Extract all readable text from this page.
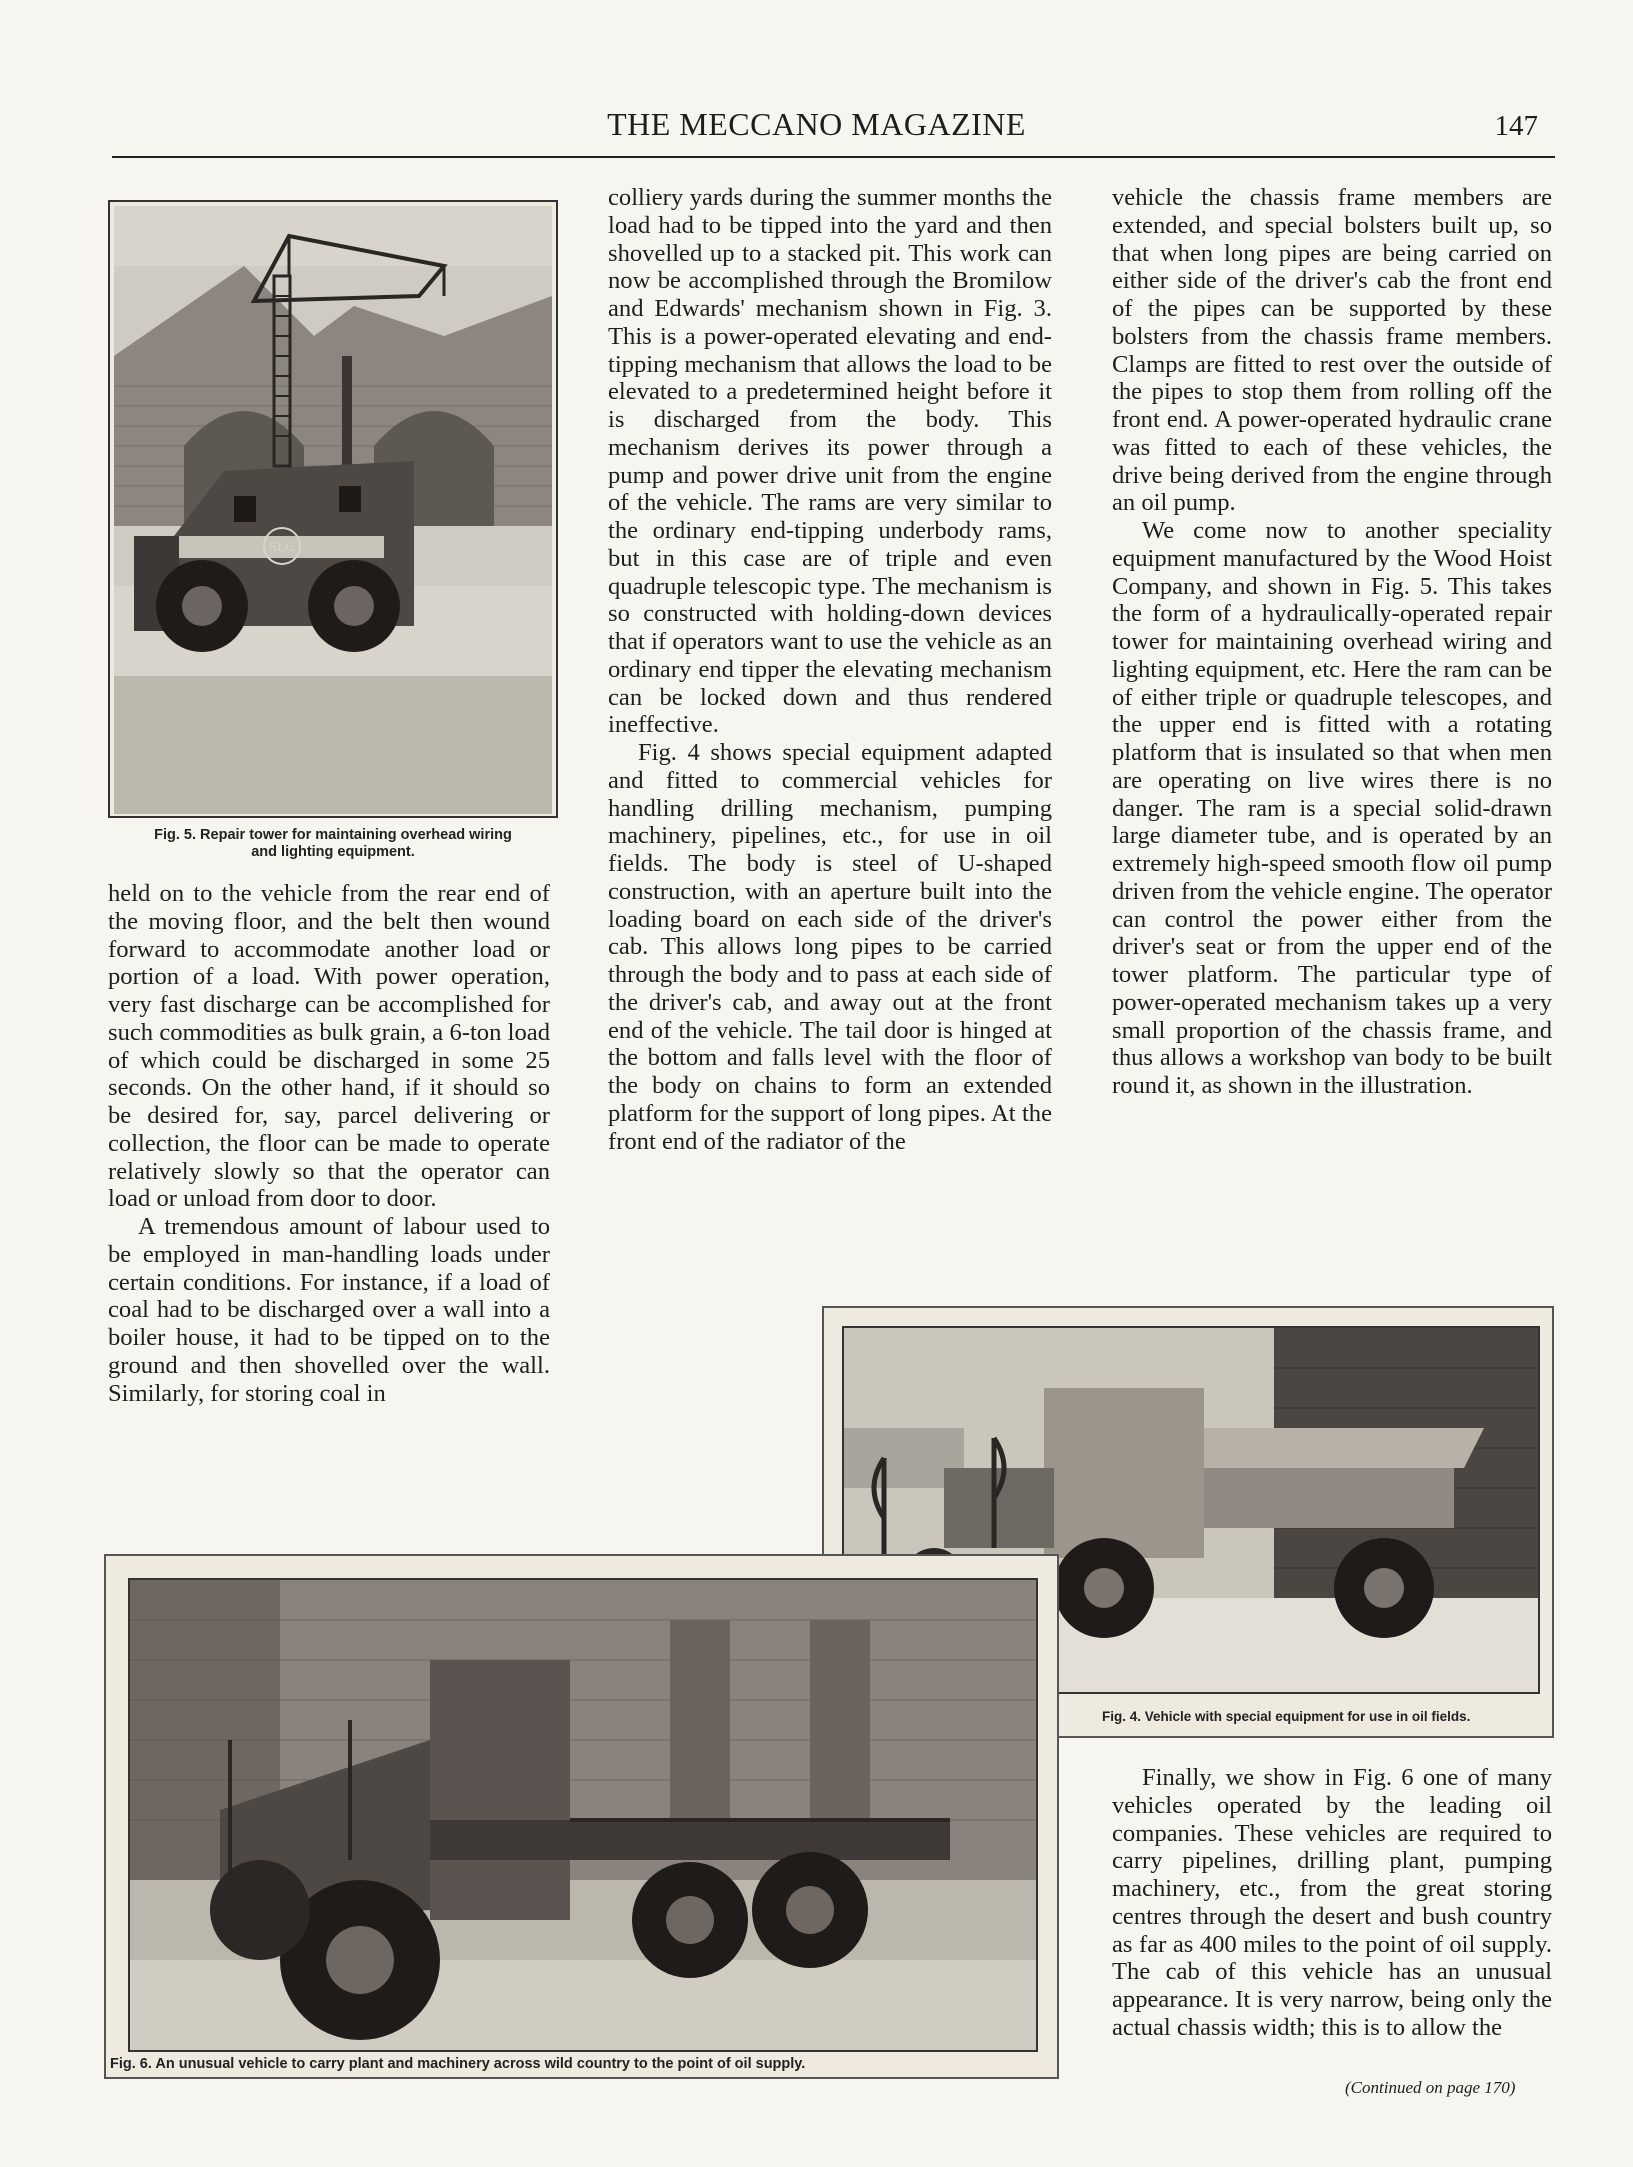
THE MECCANO MAGAZINE	147
SLC
Fig. 5. Repair tower for maintaining overhead wiring
and lighting equipment.

held on to the vehicle from the rear end of the moving floor, and the belt then wound forward to accommodate another load or portion of a load. With power operation, very fast discharge can be accomplished for such commodities as bulk grain, a 6-ton load of which could be discharged in some 25 seconds. On the other hand, if it should so be desired for, say, parcel delivering or collection, the floor can be made to operate relatively slowly so that the operator can load or unload from door to door.

A tremendous amount of labour used to be employed in man-handling loads under certain conditions. For instance, if a load of coal had to be discharged over a wall into a boiler house, it had to be tipped on to the ground and then shovelled over the wall. Similarly, for storing coal in

colliery yards during the summer months the load had to be tipped into the yard and then shovelled up to a stacked pit. This work can now be accomplished through the Bromilow and Edwards' mechanism shown in Fig. 3. This is a power-operated elevating and end-tipping mechanism that allows the load to be elevated to a predetermined height before it is discharged from the body. This mechanism derives its power through a pump and power drive unit from the engine of the vehicle. The rams are very similar to the ordinary end-tipping underbody rams, but in this case are of triple and even quadruple telescopic type. The mechanism is so constructed with holding-down devices that if operators want to use the vehicle as an ordinary end tipper the elevating mechanism can be locked down and thus rendered ineffective.

Fig. 4 shows special equipment adapted and fitted to commercial vehicles for handling drilling mechanism, pumping machinery, pipelines, etc., for use in oil fields. The body is steel of U-shaped construction, with an aperture built into the loading board on each side of the driver's cab. This allows long pipes to be carried through the body and to pass at each side of the driver's cab, and away out at the front end of the vehicle. The tail door is hinged at the bottom and falls level with the floor of the body on chains to form an extended platform for the support of long pipes. At the front end of the radiator of the

vehicle the chassis frame members are extended, and special bolsters built up, so that when long pipes are being carried on either side of the driver's cab the front end of the pipes can be supported by these bolsters from the chassis frame members. Clamps are fitted to rest over the outside of the pipes to stop them from rolling off the front end. A power-operated hydraulic crane was fitted to each of these vehicles, the drive being derived from the engine through an oil pump.

We come now to another speciality equipment manufactured by the Wood Hoist Company, and shown in Fig. 5. This takes the form of a hydraulically-operated repair tower for maintaining overhead wiring and lighting equipment, etc. Here the ram can be of either triple or quadruple telescopes, and the upper end is fitted with a rotating platform that is insulated so that when men are operating on live wires there is no danger. The ram is a special solid-drawn large diameter tube, and is operated by an extremely high-speed smooth flow oil pump driven from the vehicle engine. The operator can control the power either from the driver's seat or from the upper end of the tower platform. The particular type of power-operated mechanism takes up a very small proportion of the chassis frame, and thus allows a workshop van body to be built round it, as shown in the illustration.

Fig. 4. Vehicle with special equipment for use in oil fields.
Fig. 6. An unusual vehicle to carry plant and machinery across wild country to the point of oil supply.

Finally, we show in Fig. 6 one of many vehicles operated by the leading oil companies. These vehicles are required to carry pipelines, drilling plant, pumping machinery, etc., from the great storing centres through the desert and bush country as far as 400 miles to the point of oil supply. The cab of this vehicle has an unusual appearance. It is very narrow, being only the actual chassis width; this is to allow the

(Continued on page 170)
